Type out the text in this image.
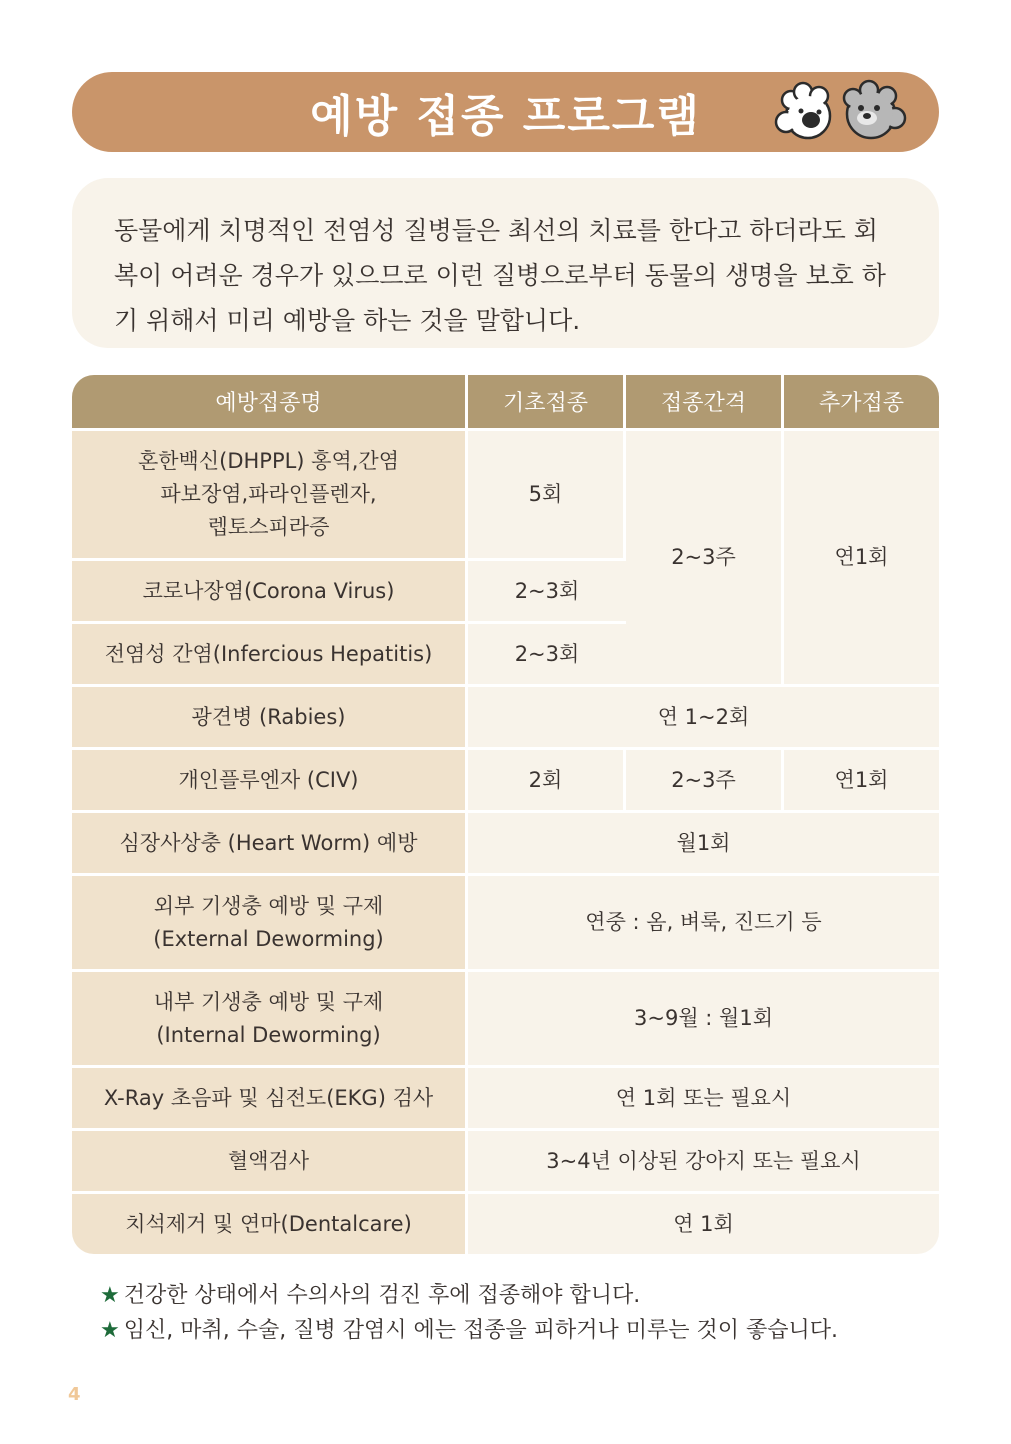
예방 접종 프로그램

동물에게 치명적인 전염성 질병들은 최선의 치료를 한다고 하더라도 회복이 어려운 경우가 있으므로 이런 질병으로부터 동물의 생명을 보호 하기 위해서 미리 예방을 하는 것을 말합니다.

예방접종명	기초접종	접종간격	추가접종
혼한백신(DHPPL) 홍역,간염
파보장염,파라인플렌자,
렙토스피라증	5회	2~3주	연1회
코로나장염(Corona Virus)	2~3회		
전염성 간염(Infercious Hepatitis)	2~3회		
광견병 (Rabies)	연 1~2회		
개인플루엔자 (CIV)	2회	2~3주	연1회
심장사상충 (Heart Worm) 예방	월1회		
외부 기생충 예방 및 구제
(External Deworming)	연중 : 옴, 벼룩, 진드기 등		
내부 기생충 예방 및 구제
(Internal Deworming)	3~9월 : 월1회		
X-Ray 초음파 및 심전도(EKG) 검사	연 1회 또는 필요시		
혈액검사	3~4년 이상된 강아지 또는 필요시		
치석제거 및 연마(Dentalcare)	연 1회		
★ 건강한 상태에서 수의사의 검진 후에 접종해야 합니다.
★ 임신, 마취, 수술, 질병 감염시 에는 접종을 피하거나 미루는 것이 좋습니다.
4
